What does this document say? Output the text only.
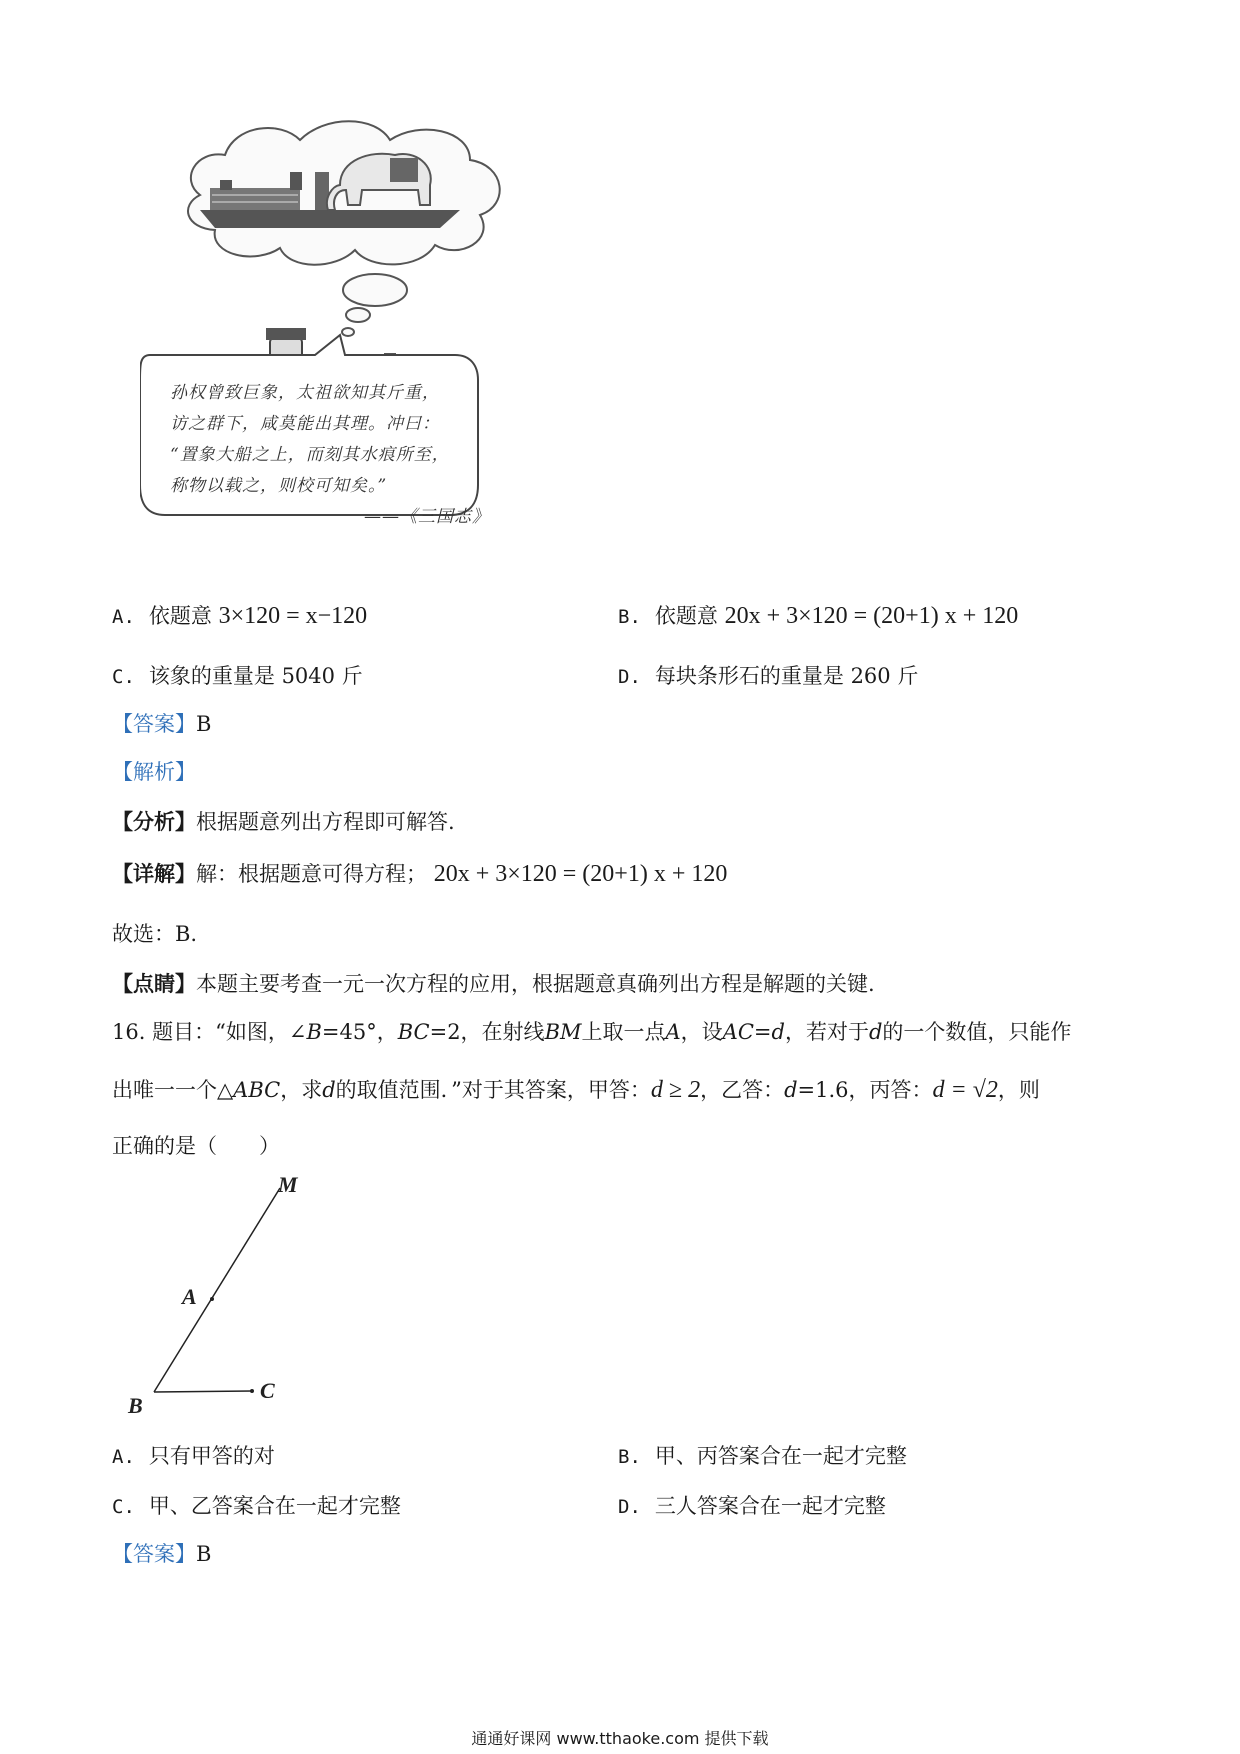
孙权曾致巨象，太祖欲知其斤重，
访之群下，咸莫能出其理。冲曰：
“置象大船之上，而刻其水痕所至，
称物以载之，则校可知矣。”
——《三国志》
A. 依题意 3×120 = x−120	B. 依题意 20x + 3×120 = (20+1) x + 120
C. 该象的重量是 5040 斤	D. 每块条形石的重量是 260 斤
【答案】B
【解析】
【分析】根据题意列出方程即可解答.
【详解】解：根据题意可得方程； 20x + 3×120 = (20+1) x + 120
故选：B.
【点睛】本题主要考查一元一次方程的应用，根据题意真确列出方程是解题的关键.
16. 题目：“如图，∠B=45°，BC=2，在射线BM上取一点A，设AC=d，若对于d的一个数值，只能作
出唯一一个△ABC，求d的取值范围．”对于其答案，甲答：d ≥ 2，乙答：d=1.6，丙答：d = √2，则
正确的是（　　）
M
A
B
C
A. 只有甲答的对	B. 甲、丙答案合在一起才完整
C. 甲、乙答案合在一起才完整	D. 三人答案合在一起才完整
【答案】B
通通好课网 www.tthaoke.com 提供下载
